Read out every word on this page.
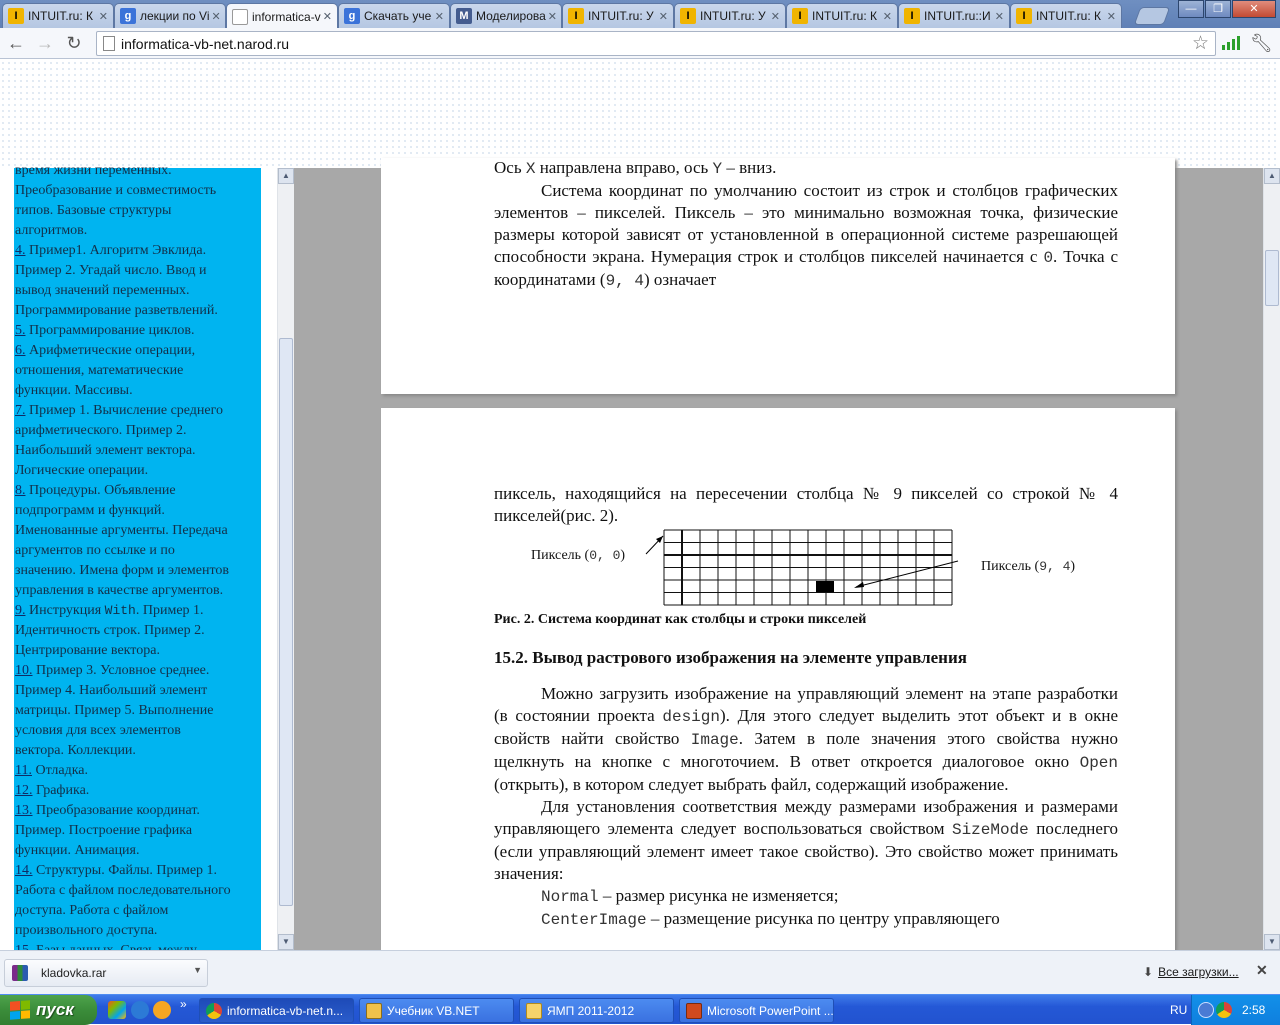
I INTUIT.ru: К ✕	g лекции по Vi ✕	informatica-v ✕	g Скачать уче ✕	M Моделирова ✕	I INTUIT.ru: У ✕	I INTUIT.ru: У ✕	I INTUIT.ru: К ✕	I INTUIT.ru::И ✕	I INTUIT.ru: К ✕
—	❐	✕
← → ↻	informatica-vb-net.narod.ru	☆ 🔧︎
время жизни переменных.
Преобразование и совместимость
типов. Базовые структуры
алгоритмов.
4. Пример1. Алгоритм Эвклида.
Пример 2. Угадай число. Ввод и
вывод значений переменных.
Программирование разветвлений.
5. Программирование циклов.
6. Арифметические операции,
отношения, математические
функции. Массивы.
7. Пример 1. Вычисление среднего
арифметического. Пример 2.
Наибольший элемент вектора.
Логические операции.
8. Процедуры. Объявление
подпрограмм и функций.
Именованные аргументы. Передача
аргументов по ссылке и по
значению. Имена форм и элементов
управления в качестве аргументов.
9. Инструкция With. Пример 1.
Идентичность строк. Пример 2.
Центрирование вектора.
10. Пример 3. Условное среднее.
Пример 4. Наибольший элемент
матрицы. Пример 5. Выполнение
условия для всех элементов
вектора. Коллекции.
11. Отладка.
12. Графика.
13. Преобразование координат.
Пример. Построение графика
функции. Анимация.
14. Структуры. Файлы. Пример 1.
Работа с файлом последовательного
доступа. Работа с файлом
произвольного доступа.
▲
▼

Ось X направлена вправо, ось Y – вниз.

Система координат по умолчанию состоит из строк и столбцов графических элементов – пикселей. Пиксель – это минимально возможная точка, физические размеры которой зависят от установленной в операционной системе разрешающей способности экрана. Нумерация строк и столбцов пикселей начинается с 0. Точка с координатами (9, 4) означает

пиксель, находящийся на пересечении столбца № 9 пикселей со строкой № 4 пикселей(рис. 2).

Пиксель (0, 0)
Пиксель (9, 4)

Рис. 2. Система координат как столбцы и строки пикселей

15.2. Вывод растрового изображения на элементе управления

Можно загрузить изображение на управляющий элемент на этапе разработки (в состоянии проекта design). Для этого следует выделить этот объект и в окне свойств найти свойство Image. Затем в поле значения этого свойства нужно щелкнуть на кнопке с многоточием. В ответ откроется диалоговое окно Open (открыть), в котором следует выбрать файл, содержащий изображение.

Для установления соответствия между размерами изображения и размерами управляющего элемента следует воспользоваться свойством SizeMode последнего (если управляющий элемент имеет такое свойство). Это свойство может принимать значения:

Normal – размер рисунка не изменяется;

CenterImage – размещение рисунка по центру управляющего

▲
▼
kladovka.rar	▼	⬇ Все загрузки... ✕
пуск	»	informatica-vb-net.n...	Учебник VB.NET	ЯМП 2011-2012	Microsoft PowerPoint ...	RU	2:58
